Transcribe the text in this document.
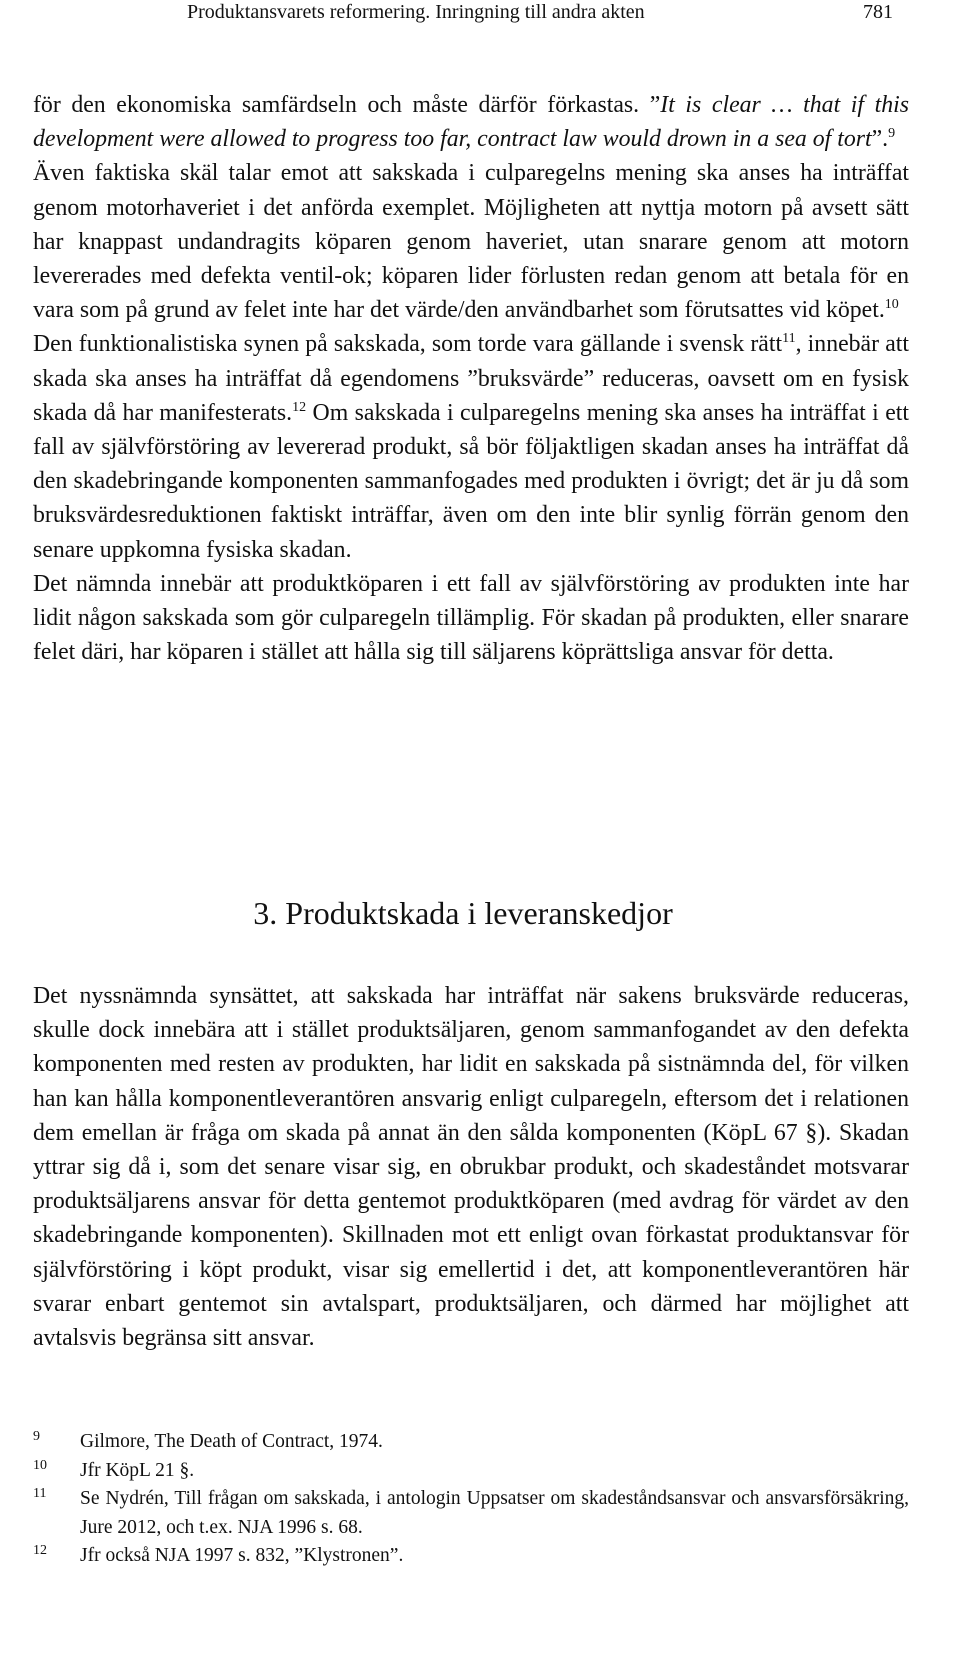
Produktansvarets reformering. Inringning till andra akten	781

för den ekonomiska samfärdseln och måste därför förkastas. ”It is clear … that if this development were allowed to progress too far, contract law would drown in a sea of tort”.$^9$

Även faktiska skäl talar emot att sakskada i culparegelns mening ska anses ha inträffat genom motorhaveriet i det anförda exemplet. Möjligheten att nyttja motorn på avsett sätt har knappast undandragits köparen genom haveriet, utan snarare genom att motorn levererades med defekta ventil-ok; köparen lider förlusten redan genom att betala för en vara som på grund av felet inte har det värde/den användbarhet som förutsattes vid köpet.$^{10}$

Den funktionalistiska synen på sakskada, som torde vara gällande i svensk rätt$^{11}$, innebär att skada ska anses ha inträffat då egendomens ”bruksvärde” reduceras, oavsett om en fysisk skada då har manifesterats.$^{12}$ Om sakskada i culparegelns mening ska anses ha inträffat i ett fall av självförstöring av levererad produkt, så bör följaktligen skadan anses ha inträffat då den skadebringande komponenten sammanfogades med produkten i övrigt; det är ju då som bruksvärdesreduktionen faktiskt inträffar, även om den inte blir synlig förrän genom den senare uppkomna fysiska skadan.

Det nämnda innebär att produktköparen i ett fall av självförstöring av produkten inte har lidit någon sakskada som gör culparegeln tillämplig. För skadan på produkten, eller snarare felet däri, har köparen i stället att hålla sig till säljarens köprättsliga ansvar för detta.

3. Produktskada i leveranskedjor

Det nyssnämnda synsättet, att sakskada har inträffat när sakens bruksvärde reduceras, skulle dock innebära att i stället produktsäljaren, genom sammanfogandet av den defekta komponenten med resten av produkten, har lidit en sakskada på sistnämnda del, för vilken han kan hålla komponentleverantören ansvarig enligt culparegeln, eftersom det i relationen dem emellan är fråga om skada på annat än den sålda komponenten (KöpL 67 §). Skadan yttrar sig då i, som det senare visar sig, en obrukbar produkt, och skadeståndet motsvarar produktsäljarens ansvar för detta gentemot produktköparen (med avdrag för värdet av den skadebringande komponenten). Skillnaden mot ett enligt ovan förkastat produktansvar för självförstöring i köpt produkt, visar sig emellertid i det, att komponentleverantören här svarar enbart gentemot sin avtalspart, produktsäljaren, och därmed har möjlighet att avtalsvis begränsa sitt ansvar.

9 Gilmore, The Death of Contract, 1974.
10 Jfr KöpL 21 §.
11 Se Nydrén, Till frågan om sakskada, i antologin Uppsatser om skadeståndsansvar och ansvarsförsäkring, Jure 2012, och t.ex. NJA 1996 s. 68.
12 Jfr också NJA 1997 s. 832, ”Klystronen”.
